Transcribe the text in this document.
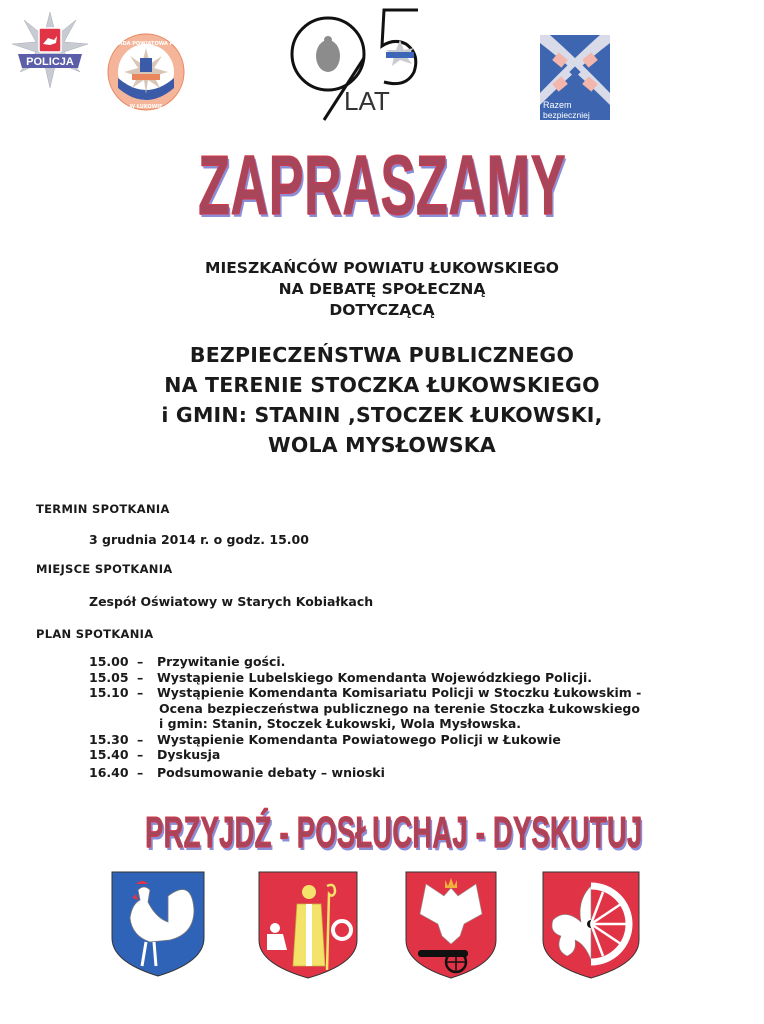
POLICJA
KOMENDA POWIATOWA POLICJI
W ŁUKOWIE	LAT	Razem
bezpieczniej
ZAPRASZAMY
MIESZKAŃCÓW POWIATU ŁUKOWSKIEGO
NA DEBATĘ SPOŁECZNĄ
DOTYCZĄCĄ
BEZPIECZEŃSTWA PUBLICZNEGO
NA TERENIE STOCZKA ŁUKOWSKIEGO
i GMIN: STANIN ,STOCZEK ŁUKOWSKI,
WOLA MYSŁOWSKA
TERMIN SPOTKANIA
3 grudnia 2014 r. o godz. 15.00
MIEJSCE SPOTKANIA
Zespół Oświatowy w Starych Kobiałkach
PLAN SPOTKANIA
15.00 –	Przywitanie gości.
15.05 –	Wystąpienie Lubelskiego Komendanta Wojewódzkiego Policji.
15.10 –	Wystąpienie Komendanta Komisariatu Policji w Stoczku Łukowskim -
Ocena bezpieczeństwa publicznego na terenie Stoczka Łukowskiego
i gmin: Stanin, Stoczek Łukowski, Wola Mysłowska.
15.30 –	Wystąpienie Komendanta Powiatowego Policji w Łukowie
15.40 –	Dyskusja
16.40 –	Podsumowanie debaty – wnioski
PRZYJDŹ - POSŁUCHAJ - DYSKUTUJ
